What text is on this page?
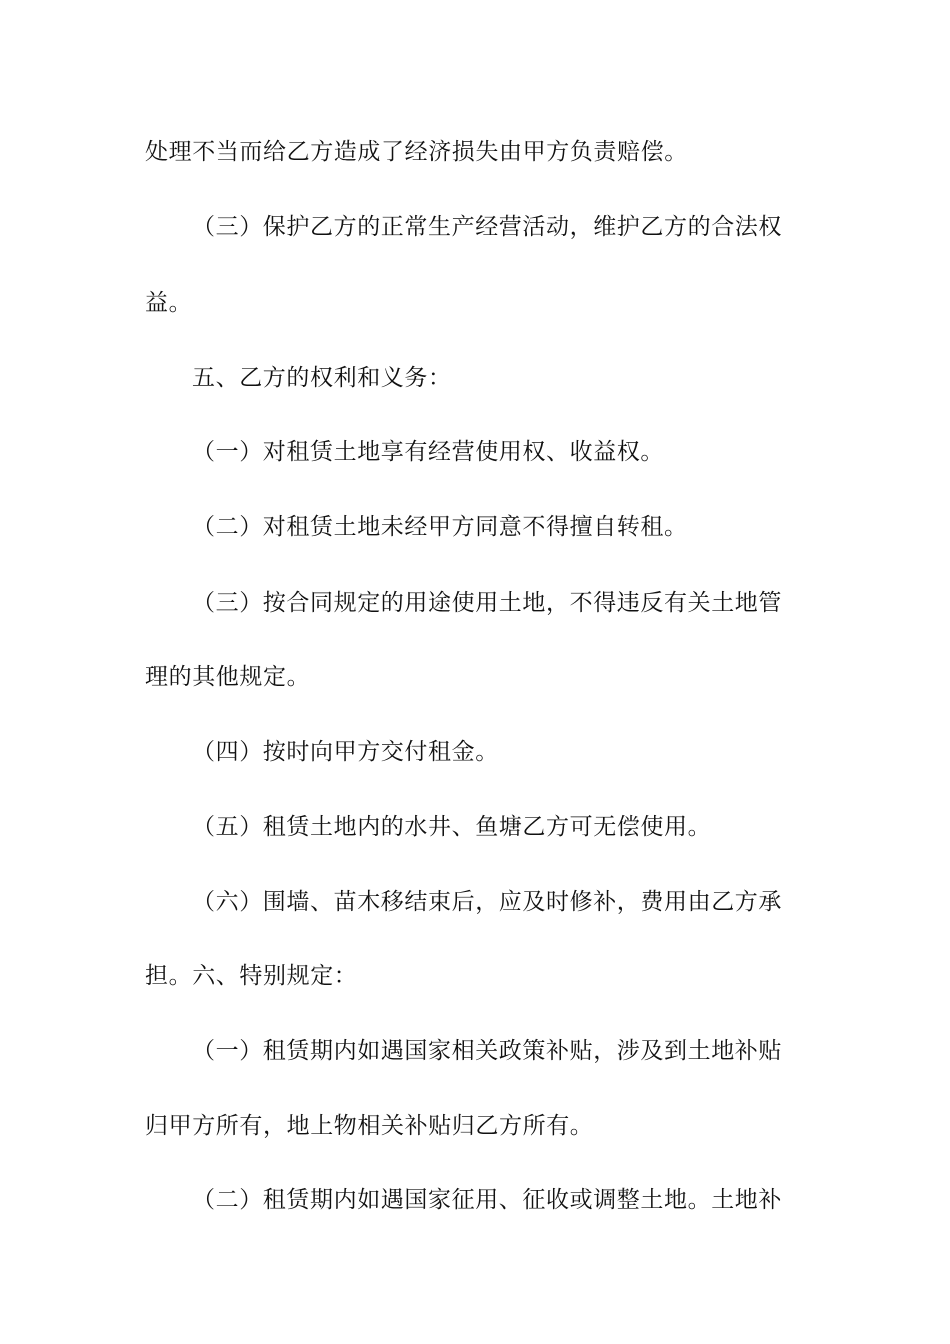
处理不当而给乙方造成了经济损失由甲方负责赔偿。
（三）保护乙方的正常生产经营活动，维护乙方的合法权
益。
五、乙方的权利和义务：
（一）对租赁土地享有经营使用权、收益权。
（二）对租赁土地未经甲方同意不得擅自转租。
（三）按合同规定的用途使用土地，不得违反有关土地管
理的其他规定。
（四）按时向甲方交付租金。
（五）租赁土地内的水井、鱼塘乙方可无偿使用。
（六）围墙、苗木移结束后，应及时修补，费用由乙方承
担。六、特别规定：
（一）租赁期内如遇国家相关政策补贴，涉及到土地补贴
归甲方所有，地上物相关补贴归乙方所有。
（二）租赁期内如遇国家征用、征收或调整土地。土地补
